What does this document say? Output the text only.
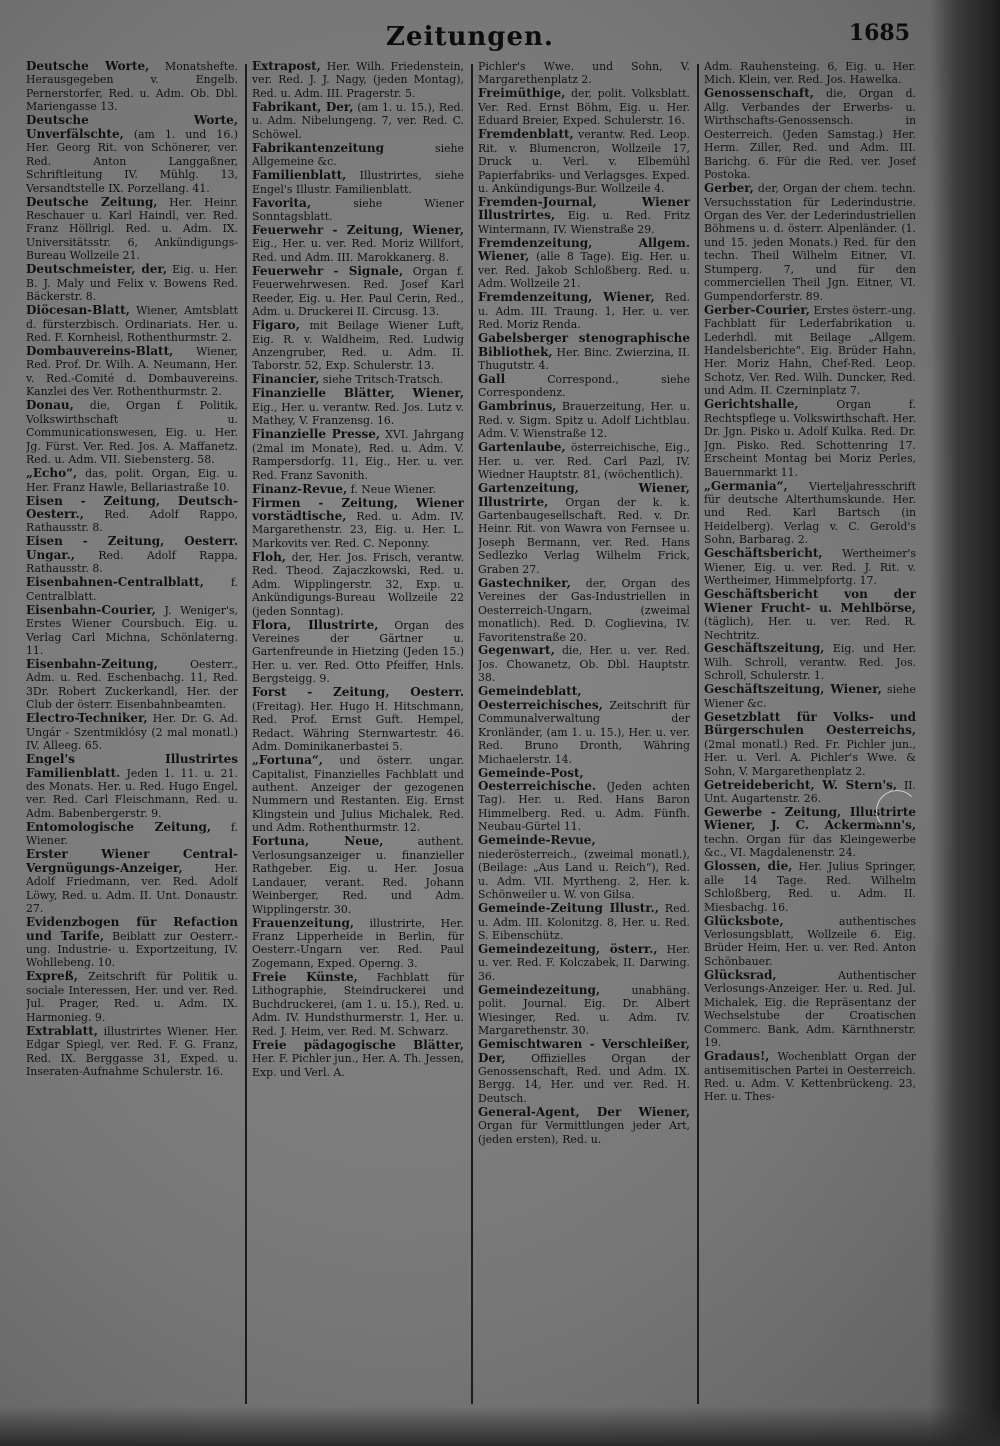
Zeitungen.	1685

Deutsche Worte, Monatshefte. Herausgegeben v. Engelb. Pernerstorfer, Red. u. Adm. Ob. Dbl. Mariengasse 13.

Deutsche Worte, Unverfälschte, (am 1. und 16.) Her. Georg Rit. von Schönerer, ver. Red. Anton Langgaßner, Schriftleitung IV. Mühlg. 13, Versandtstelle IX. Porzellang. 41.

Deutsche Zeitung, Her. Heinr. Reschauer u. Karl Haindl, ver. Red. Franz Höllrigl. Red. u. Adm. IX. Universitätsstr. 6, Ankündigungs-Bureau Wollzeile 21.

Deutschmeister, der, Eig. u. Her. B. J. Maly und Felix v. Bowens Red. Bäckerstr. 8.

Diöcesan-Blatt, Wiener, Amtsblatt d. fürsterzbisch. Ordinariats. Her. u. Red. F. Kornheisl, Rothenthurmstr. 2.

Dombauvereins-Blatt, Wiener, Red. Prof. Dr. Wilh. A. Neumann, Her. v. Red.-Comité d. Dombauvereins. Kanzlei des Ver. Rothenthurmstr. 2.

Donau, die, Organ f. Politik, Volkswirthschaft u. Communicationswesen, Eig. u. Her. Jg. Fürst. Ver. Red. Jos. A. Maffanetz. Red. u. Adm. VII. Siebensterg. 58.

„Echo“, das, polit. Organ, Eig. u. Her. Franz Hawle, Bellariastraße 10.

Eisen - Zeitung, Deutsch-Oesterr., Red. Adolf Rappo, Rathausstr. 8.

Eisen - Zeitung, Oesterr. Ungar., Red. Adolf Rappa, Rathausstr. 8.

Eisenbahnen-Centralblatt, f. Centralblatt.

Eisenbahn-Courier, J. Weniger's, Erstes Wiener Coursbuch. Eig. u. Verlag Carl Michna, Schönlaterng. 11.

Eisenbahn-Zeitung, Oesterr., Adm. u. Red. Eschenbachg. 11, Red. 3Dr. Robert Zuckerkandl, Her. der Club der österr. Eisenbahnbeamten.

Electro-Techniker, Her. Dr. G. Ad. Ungár - Szentmiklósy (2 mal monatl.) IV. Alleeg. 65.

Engel's Illustrirtes Familienblatt. Jeden 1. 11. u. 21. des Monats. Her. u. Red. Hugo Engel, ver. Red. Carl Fleischmann, Red. u. Adm. Babenbergerstr. 9.

Entomologische Zeitung, f. Wiener.

Erster Wiener Central-Vergnügungs-Anzeiger, Her. Adolf Friedmann, ver. Red. Adolf Löwy, Red. u. Adm. II. Unt. Donaustr. 27.

Evidenzbogen für Refaction und Tarife, Beiblatt zur Oesterr.-ung. Industrie- u. Exportzeitung, IV. Wohllebeng. 10.

Expreß, Zeitschrift für Politik u. sociale Interessen, Her. und ver. Red. Jul. Prager, Red. u. Adm. IX. Harmonieg. 9.

Extrablatt, illustrirtes Wiener. Her. Edgar Spiegl, ver. Red. F. G. Franz, Red. IX. Berggasse 31, Exped. u. Inseraten-Aufnahme Schulerstr. 16.

Extrapost, Her. Wilh. Friedenstein, ver. Red. J. J. Nagy, (jeden Montag), Red. u. Adm. III. Pragerstr. 5.

Fabrikant, Der, (am 1. u. 15.), Red. u. Adm. Nibelungeng. 7, ver. Red. C. Schöwel.

Fabrikantenzeitung siehe Allgemeine &c.

Familienblatt, Illustrirtes, siehe Engel's Illustr. Familienblatt.

Favorita, siehe Wiener Sonntagsblatt.

Feuerwehr - Zeitung, Wiener, Eig., Her. u. ver. Red. Moriz Willfort, Red. und Adm. III. Marokkanerg. 8.

Feuerwehr - Signale, Organ f. Feuerwehrwesen. Red. Josef Karl Reeder, Eig. u. Her. Paul Cerin, Red., Adm. u. Druckerei II. Circusg. 13.

Figaro, mit Beilage Wiener Luft, Eig. R. v. Waldheim, Red. Ludwig Anzengruber, Red. u. Adm. II. Taborstr. 52, Exp. Schulerstr. 13.

Financier, siehe Tritsch-Tratsch.

Finanzielle Blätter, Wiener, Eig., Her. u. verantw. Red. Jos. Lutz v. Mathey, V. Franzensg. 16.

Finanzielle Presse, XVI. Jahrgang (2mal im Monate), Red. u. Adm. V. Rampersdorfg. 11, Eig., Her. u. ver. Red. Franz Savonith.

Finanz-Revue, f. Neue Wiener.

Firmen - Zeitung, Wiener vorstädtische, Red. u. Adm. IV. Margarethenstr. 23, Eig. u. Her. L. Markovits ver. Red. C. Neponny.

Floh, der, Her. Jos. Frisch, verantw. Red. Theod. Zajaczkowski, Red. u. Adm. Wipplingerstr. 32, Exp. u. Ankündigungs-Bureau Wollzeile 22 (jeden Sonntag).

Flora, Illustrirte, Organ des Vereines der Gärtner u. Gartenfreunde in Hietzing (Jeden 15.) Her. u. ver. Red. Otto Pfeiffer, Hnls. Bergsteigg. 9.

Forst - Zeitung, Oesterr. (Freitag). Her. Hugo H. Hitschmann, Red. Prof. Ernst Guft. Hempel, Redact. Währing Sternwartestr. 46. Adm. Dominikanerbastei 5.

„Fortuna“, und österr. ungar. Capitalist, Finanzielles Fachblatt und authent. Anzeiger der gezogenen Nummern und Restanten. Eig. Ernst Klingstein und Julius Michalek, Red. und Adm. Rothenthurmstr. 12.

Fortuna, Neue, authent. Verlosungsanzeiger u. finanzieller Rathgeber. Eig. u. Her. Josua Landauer, verant. Red. Johann Weinberger, Red. und Adm. Wipplingerstr. 30.

Frauenzeitung, illustrirte, Her. Franz Lipperheide in Berlin, für Oesterr.-Ungarn ver. Red. Paul Zogemann, Exped. Operng. 3.

Freie Künste, Fachblatt für Lithographie, Steindruckerei und Buchdruckerei, (am 1. u. 15.), Red. u. Adm. IV. Hundsthurmerstr. 1, Her. u. Red. J. Heim, ver. Red. M. Schwarz.

Freie pädagogische Blätter, Her. F. Pichler jun., Her. A. Th. Jessen, Exp. und Verl. A.

Pichler's Wwe. und Sohn, V. Margarethenplatz 2.

Freimüthige, der, polit. Volksblatt. Ver. Red. Ernst Böhm, Eig. u. Her. Eduard Breier, Exped. Schulerstr. 16.

Fremdenblatt, verantw. Red. Leop. Rit. v. Blumencron, Wollzeile 17, Druck u. Verl. v. Elbemühl Papierfabriks- und Verlagsges. Exped. u. Ankündigungs-Bur. Wollzeile 4.

Fremden-Journal, Wiener Illustrirtes, Eig. u. Red. Fritz Wintermann, IV. Wienstraße 29.

Fremdenzeitung, Allgem. Wiener, (alle 8 Tage). Eig. Her. u. ver. Red. Jakob Schloßberg. Red. u. Adm. Wollzeile 21.

Fremdenzeitung, Wiener, Red. u. Adm. III. Traung. 1, Her. u. ver. Red. Moriz Renda.

Gabelsberger stenographische Bibliothek, Her. Binc. Zwierzina, II. Thugutstr. 4.

Gall Correspond., siehe Correspondenz.

Gambrinus, Brauerzeitung, Her. u. Red. v. Sigm. Spitz u. Adolf Lichtblau. Adm. V. Wienstraße 12.

Gartenlaube, österreichische, Eig., Her. u. ver. Red. Carl Pazl, IV. Wiedner Hauptstr. 81, (wöchentlich).

Gartenzeitung, Wiener, Illustrirte, Organ der k. k. Gartenbaugesellschaft. Red. v. Dr. Heinr. Rit. von Wawra von Fernsee u. Joseph Bermann, ver. Red. Hans Sedlezko Verlag Wilhelm Frick, Graben 27.

Gastechniker, der, Organ des Vereines der Gas-Industriellen in Oesterreich-Ungarn, (zweimal monatlich). Red. D. Coglievina, IV. Favoritenstraße 20.

Gegenwart, die, Her. u. ver. Red. Jos. Chowanetz, Ob. Dbl. Hauptstr. 38.

Gemeindeblatt, Oesterreichisches, Zeitschrift für Communalverwaltung der Kronländer, (am 1. u. 15.), Her. u. ver. Red. Bruno Dronth, Währing Michaelerstr. 14.

Gemeinde-Post, Oesterreichische. (Jeden achten Tag). Her. u. Red. Hans Baron Himmelberg. Red. u. Adm. Fünfh. Neubau-Gürtel 11.

Gemeinde-Revue, niederösterreich., (zweimal monatl.), (Beilage: „Aus Land u. Reich“), Red. u. Adm. VII. Myrtheng. 2, Her. k. Schönweiler u. W. von Gilsa.

Gemeinde-Zeitung Illustr., Red. u. Adm. III. Kolonitzg. 8, Her. u. Red. S. Eibenschütz.

Gemeindezeitung, österr., Her. u. ver. Red. F. Kolczabek, II. Darwing. 36.

Gemeindezeitung, unabhäng. polit. Journal. Eig. Dr. Albert Wiesinger, Red. u. Adm. IV. Margarethenstr. 30.

Gemischtwaren - Verschleißer, Der, Offizielles Organ der Genossenschaft, Red. und Adm. IX. Bergg. 14, Her. und ver. Red. H. Deutsch.

General-Agent, Der Wiener, Organ für Vermittlungen jeder Art, (jeden ersten), Red. u.

Adm. Rauhensteing. 6, Eig. u. Her. Mich. Klein, ver. Red. Jos. Hawelka.

Genossenschaft, die, Organ d. Allg. Verbandes der Erwerbs- u. Wirthschafts-Genossensch. in Oesterreich. (Jeden Samstag.) Her. Herm. Ziller, Red. und Adm. III. Barichg. 6. Für die Red. ver. Josef Postoka.

Gerber, der, Organ der chem. techn. Versuchsstation für Lederindustrie. Organ des Ver. der Lederindustriellen Böhmens u. d. österr. Alpenländer. (1. und 15. jeden Monats.) Red. für den techn. Theil Wilhelm Eitner, VI. Stumperg. 7, und für den commerciellen Theil Jgn. Eitner, VI. Gumpendorferstr. 89.

Gerber-Courier, Erstes österr.-ung. Fachblatt für Lederfabrikation u. Lederhdl. mit Beilage „Allgem. Handelsberichte“. Eig. Brüder Hahn, Her. Moriz Hahn, Chef-Red. Leop. Schotz, Ver. Red. Wilh. Duncker, Red. und Adm. II. Czerninplatz 7.

Gerichtshalle, Organ f. Rechtspflege u. Volkswirthschaft. Her. Dr. Jgn. Pisko u. Adolf Kulka. Red. Dr. Jgn. Pisko. Red. Schottenring 17. Erscheint Montag bei Moriz Perles, Bauernmarkt 11.

„Germania“, Vierteljahresschrift für deutsche Alterthumskunde. Her. und Red. Karl Bartsch (in Heidelberg). Verlag v. C. Gerold's Sohn, Barbarag. 2.

Geschäftsbericht, Wertheimer's Wiener, Eig. u. ver. Red. J. Rit. v. Wertheimer, Himmelpfortg. 17.

Geschäftsbericht von der Wiener Frucht- u. Mehlbörse, (täglich), Her. u. ver. Red. R. Nechtritz.

Geschäftszeitung, Eig. und Her. Wilh. Schroll, verantw. Red. Jos. Schroll, Schulerstr. 1.

Geschäftszeitung, Wiener, siehe Wiener &c.

Gesetzblatt für Volks- und Bürgerschulen Oesterreichs, (2mal monatl.) Red. Fr. Pichler jun., Her. u. Verl. A. Pichler's Wwe. & Sohn, V. Margarethenplatz 2.

Getreidebericht, W. Stern's, II. Unt. Augartenstr. 26.

Gewerbe - Zeitung, Illustrirte Wiener, J. C. Ackermann's, techn. Organ für das Kleingewerbe &c., VI. Magdalenenstr. 24.

Glossen, die, Her. Julius Springer, alle 14 Tage. Red. Wilhelm Schloßberg, Red. u. Adm. II. Miesbachg. 16.

Glücksbote, authentisches Verlosungsblatt, Wollzeile 6. Eig. Brüder Heim, Her. u. ver. Red. Anton Schönbauer.

Glücksrad, Authentischer Verlosungs-Anzeiger. Her. u. Red. Jul. Michalek, Eig. die Repräsentanz der Wechselstube der Croatischen Commerc. Bank, Adm. Kärnthnerstr. 19.

Gradaus!, Wochenblatt Organ der antisemitischen Partei in Oesterreich. Red. u. Adm. V. Kettenbrückeng. 23, Her. u. Thes-
